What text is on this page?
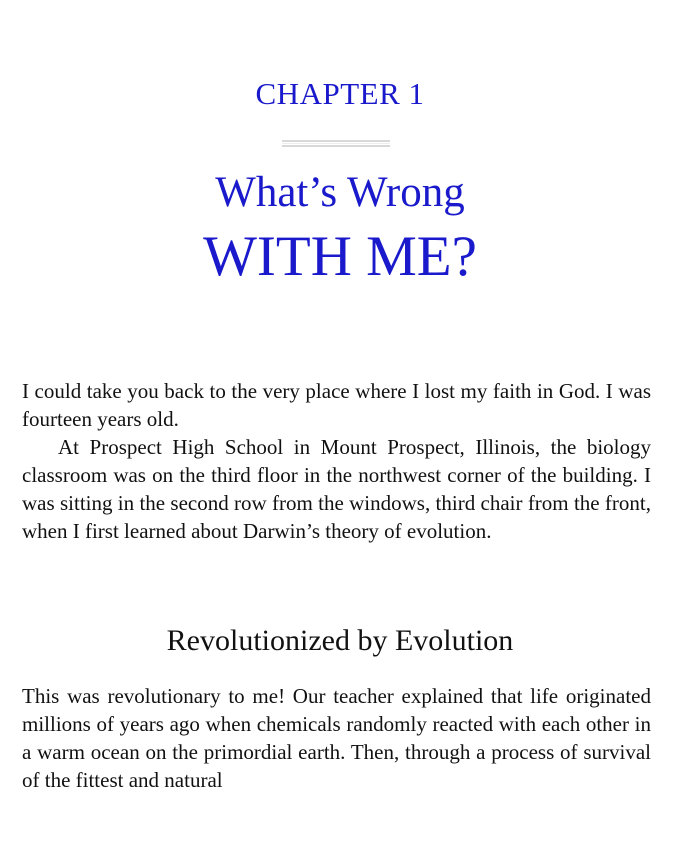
CHAPTER 1
What’s Wrong
WITH ME?

I could take you back to the very place where I lost my faith in God. I was fourteen years old.

At Prospect High School in Mount Prospect, Illinois, the biology classroom was on the third floor in the northwest corner of the building. I was sitting in the second row from the windows, third chair from the front, when I first learned about Darwin’s theory of evolution.

Revolutionized by Evolution

This was revolutionary to me! Our teacher explained that life originated millions of years ago when chemicals randomly reacted with each other in a warm ocean on the primordial earth. Then, through a process of survival of the fittest and natural
